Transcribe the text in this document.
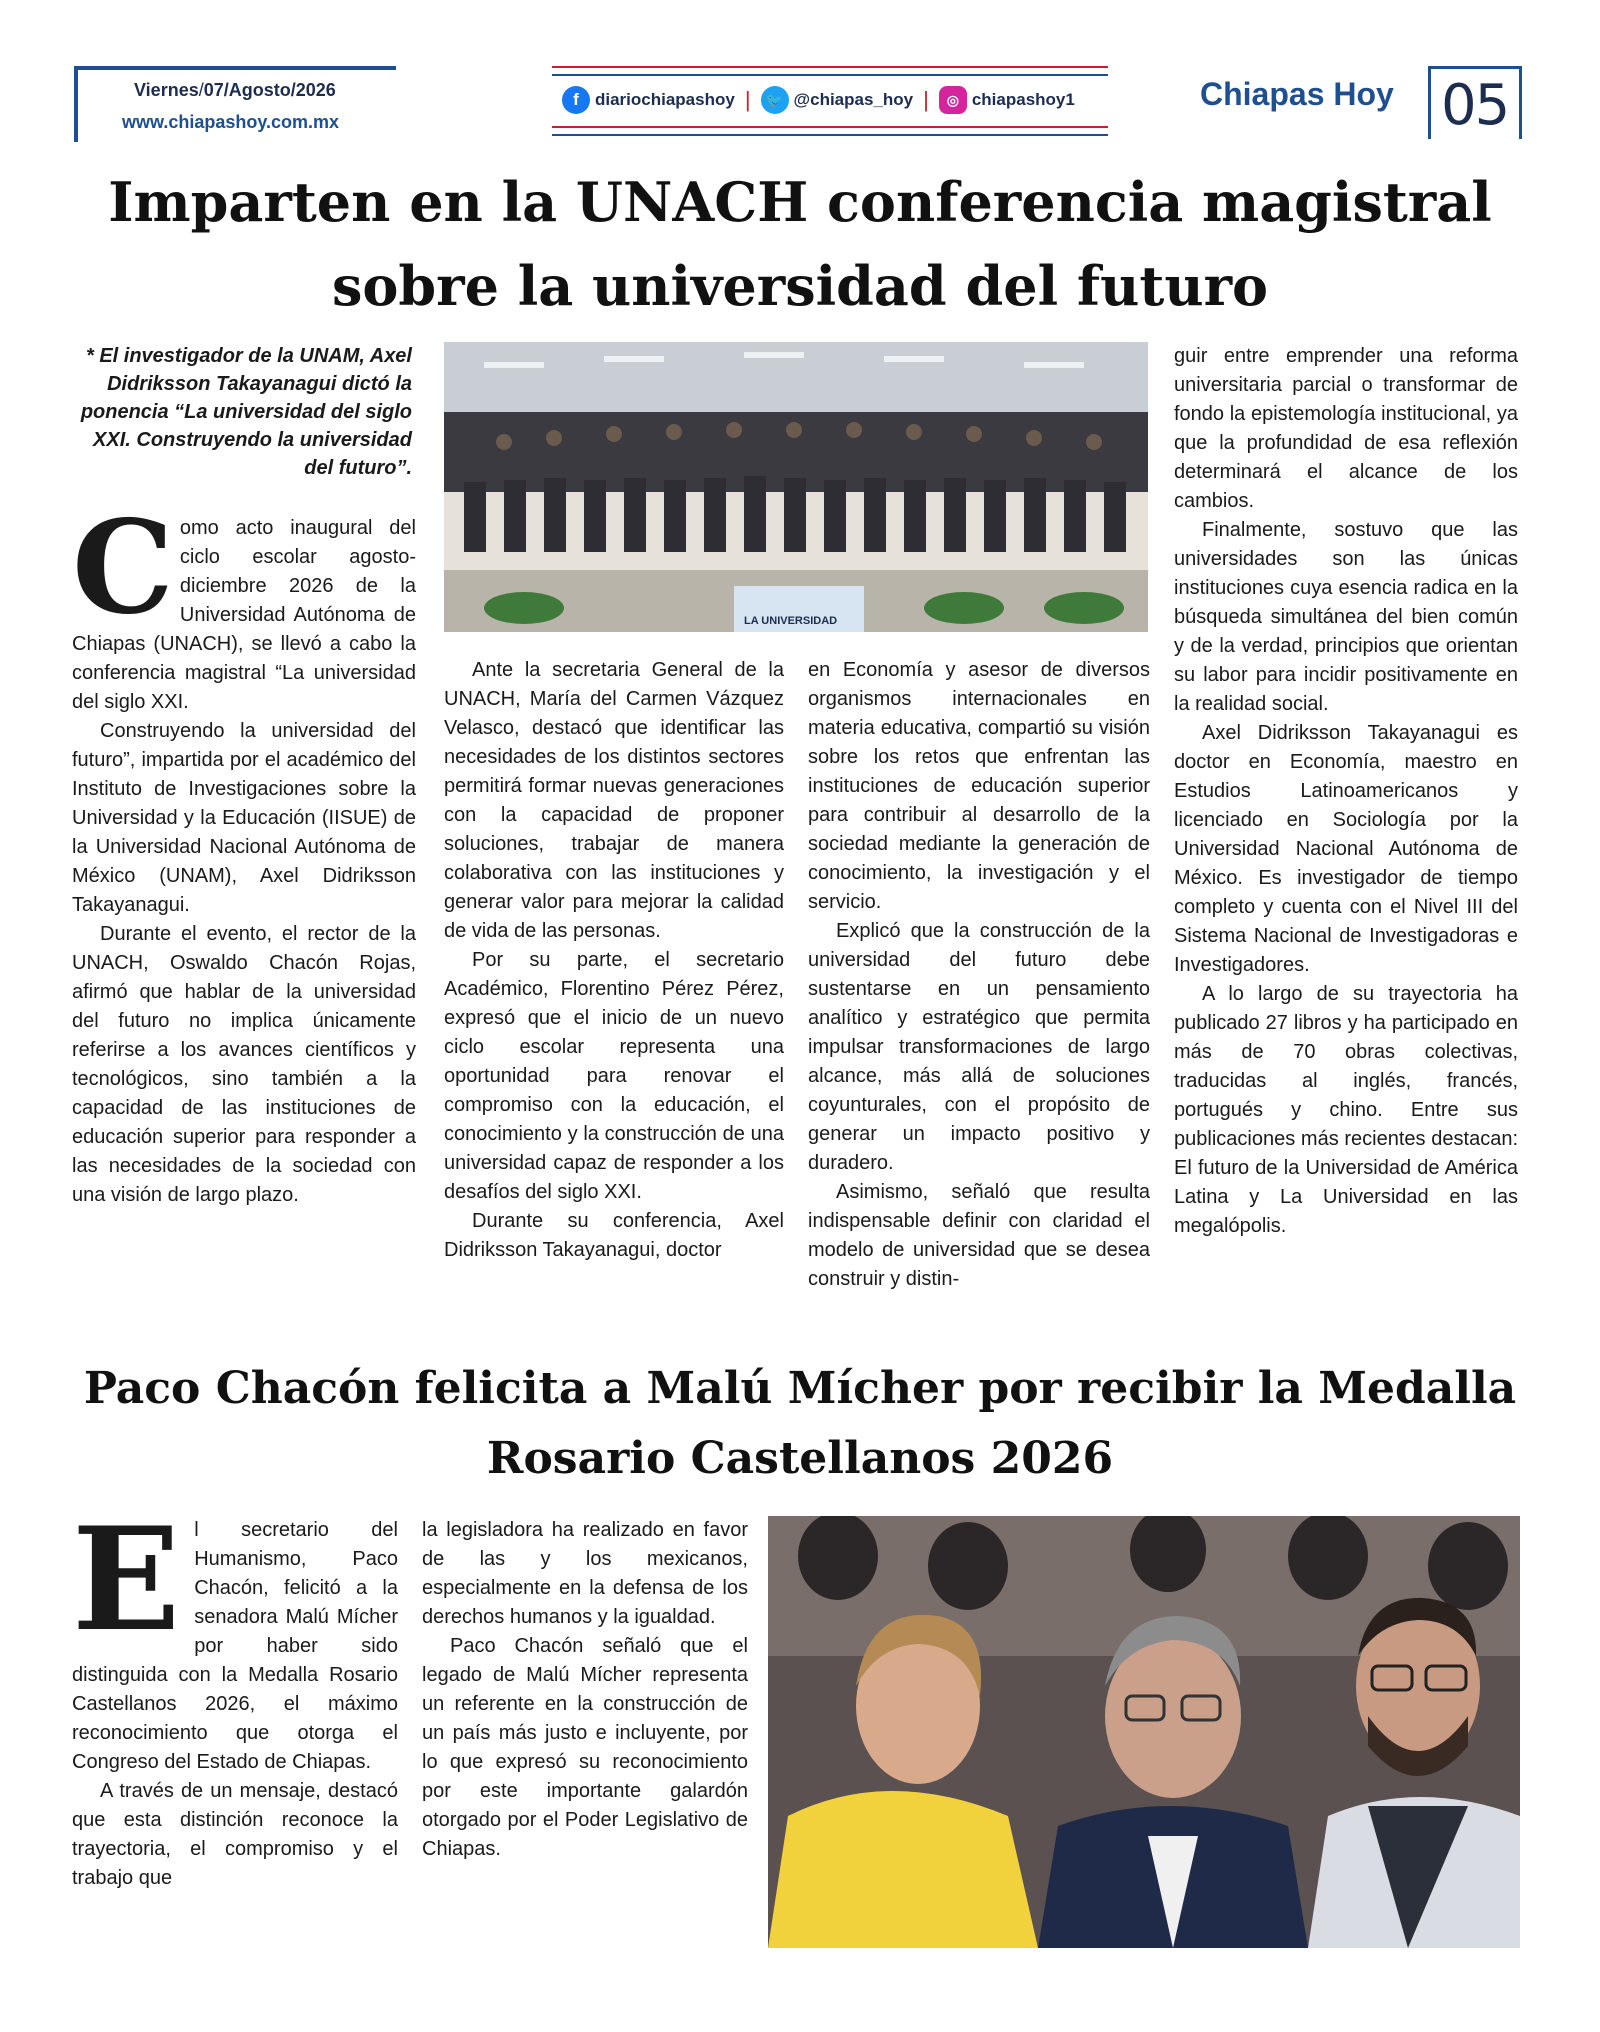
Viernes/07/Agosto/2026
www.chiapashoy.com.mx
f diariochiapashoy |	🐦 @chiapas_hoy |	◎ chiapashoy1	Chiapas Hoy 05
Imparten en la UNACH conferencia magistral sobre la universidad del futuro

* El investigador de la UNAM, Axel Didriksson Takayanagui dictó la ponencia “La universidad del siglo XXI. Construyendo la universidad del futuro”.

Como acto inaugural del ciclo escolar agosto-diciembre 2026 de la Universidad Autónoma de Chiapas (UNACH), se llevó a cabo la conferencia magistral “La universidad del siglo XXI.

Construyendo la universidad del futuro”, impartida por el académico del Instituto de Investigaciones sobre la Universidad y la Educación (IISUE) de la Universidad Nacional Autónoma de México (UNAM), Axel Didriksson Takayanagui.

Durante el evento, el rector de la UNACH, Oswaldo Chacón Rojas, afirmó que hablar de la universidad del futuro no implica únicamente referirse a los avances científicos y tecnológicos, sino también a la capacidad de las instituciones de educación superior para responder a las necesidades de la sociedad con una visión de largo plazo.

LA UNIVERSIDAD

Ante la secretaria General de la UNACH, María del Carmen Vázquez Velasco, destacó que identificar las necesidades de los distintos sectores permitirá formar nuevas generaciones con la capacidad de proponer soluciones, trabajar de manera colaborativa con las instituciones y generar valor para mejorar la calidad de vida de las personas.

Por su parte, el secretario Académico, Florentino Pérez Pérez, expresó que el inicio de un nuevo ciclo escolar representa una oportunidad para renovar el compromiso con la educación, el conocimiento y la construcción de una universidad capaz de responder a los desafíos del siglo XXI.

Durante su conferencia, Axel Didriksson Takayanagui, doctor

en Economía y asesor de diversos organismos internacionales en materia educativa, compartió su visión sobre los retos que enfrentan las instituciones de educación superior para contribuir al desarrollo de la sociedad mediante la generación de conocimiento, la investigación y el servicio.

Explicó que la construcción de la universidad del futuro debe sustentarse en un pensamiento analítico y estratégico que permita impulsar transformaciones de largo alcance, más allá de soluciones coyunturales, con el propósito de generar un impacto positivo y duradero.

Asimismo, señaló que resulta indispensable definir con claridad el modelo de universidad que se desea construir y distin-

guir entre emprender una reforma universitaria parcial o transformar de fondo la epistemología institucional, ya que la profundidad de esa reflexión determinará el alcance de los cambios.

Finalmente, sostuvo que las universidades son las únicas instituciones cuya esencia radica en la búsqueda simultánea del bien común y de la verdad, principios que orientan su labor para incidir positivamente en la realidad social.

Axel Didriksson Takayanagui es doctor en Economía, maestro en Estudios Latinoamericanos y licenciado en Sociología por la Universidad Nacional Autónoma de México. Es investigador de tiempo completo y cuenta con el Nivel III del Sistema Nacional de Investigadoras e Investigadores.

A lo largo de su trayectoria ha publicado 27 libros y ha participado en más de 70 obras colectivas, traducidas al inglés, francés, portugués y chino. Entre sus publicaciones más recientes destacan: El futuro de la Universidad de América Latina y La Universidad en las megalópolis.

Paco Chacón felicita a Malú Mícher por recibir la Medalla Rosario Castellanos 2026

El secretario del Humanismo, Paco Chacón, felicitó a la senadora Malú Mícher por haber sido distinguida con la Medalla Rosario Castellanos 2026, el máximo reconocimiento que otorga el Congreso del Estado de Chiapas.

A través de un mensaje, destacó que esta distinción reconoce la trayectoria, el compromiso y el trabajo que

la legisladora ha realizado en favor de las y los mexicanos, especialmente en la defensa de los derechos humanos y la igualdad.

Paco Chacón señaló que el legado de Malú Mícher representa un referente en la construcción de un país más justo e incluyente, por lo que expresó su reconocimiento por este importante galardón otorgado por el Poder Legislativo de Chiapas.
